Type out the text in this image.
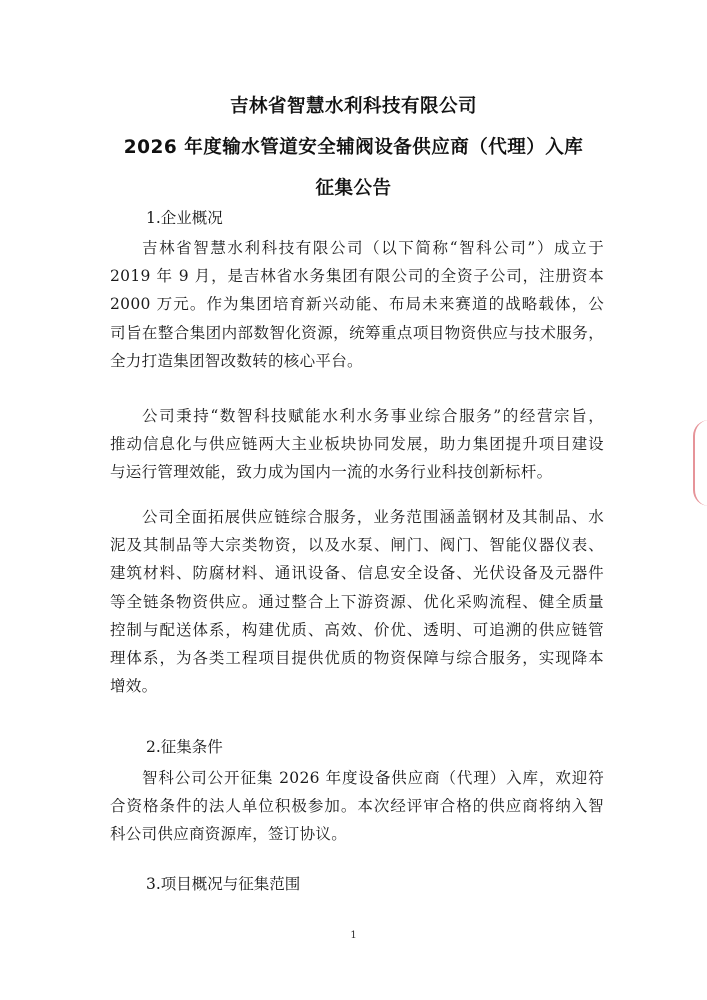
吉林省智慧水利科技有限公司
2026 年度输水管道安全辅阀设备供应商（代理）入库
征集公告
1.企业概况
吉林省智慧水利科技有限公司（以下简称“智科公司”）成立于
2019 年 9 月，是吉林省水务集团有限公司的全资子公司，注册资本
2000 万元。作为集团培育新兴动能、布局未来赛道的战略载体，公
司旨在整合集团内部数智化资源，统筹重点项目物资供应与技术服务，
全力打造集团智改数转的核心平台。
公司秉持“数智科技赋能水利水务事业综合服务”的经营宗旨，
推动信息化与供应链两大主业板块协同发展，助力集团提升项目建设
与运行管理效能，致力成为国内一流的水务行业科技创新标杆。
公司全面拓展供应链综合服务，业务范围涵盖钢材及其制品、水
泥及其制品等大宗类物资，以及水泵、闸门、阀门、智能仪器仪表、
建筑材料、防腐材料、通讯设备、信息安全设备、光伏设备及元器件
等全链条物资供应。通过整合上下游资源、优化采购流程、健全质量
控制与配送体系，构建优质、高效、价优、透明、可追溯的供应链管
理体系，为各类工程项目提供优质的物资保障与综合服务，实现降本
增效。
2.征集条件
智科公司公开征集 2026 年度设备供应商（代理）入库，欢迎符
合资格条件的法人单位积极参加。本次经评审合格的供应商将纳入智
科公司供应商资源库，签订协议。
3.项目概况与征集范围
1
